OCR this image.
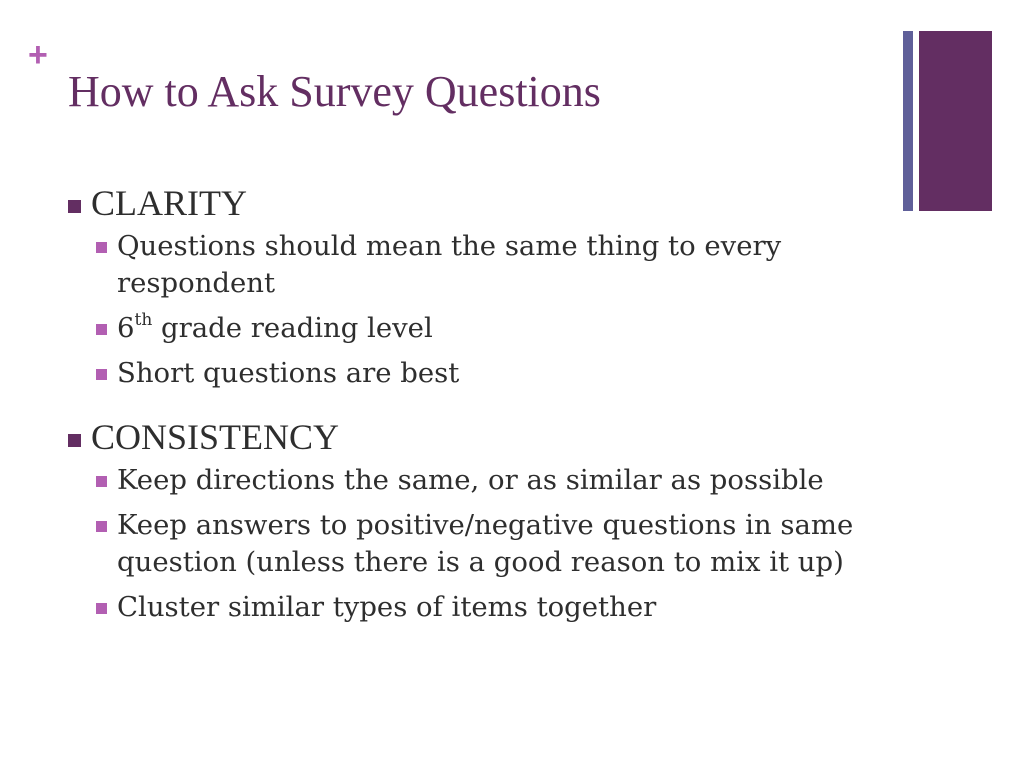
+
How to Ask Survey Questions
CLARITY
Questions should mean the same thing to every respondent
6th grade reading level
Short questions are best
CONSISTENCY
Keep directions the same, or as similar as possible
Keep answers to positive/negative questions in same question (unless there is a good reason to mix it up)
Cluster similar types of items together
